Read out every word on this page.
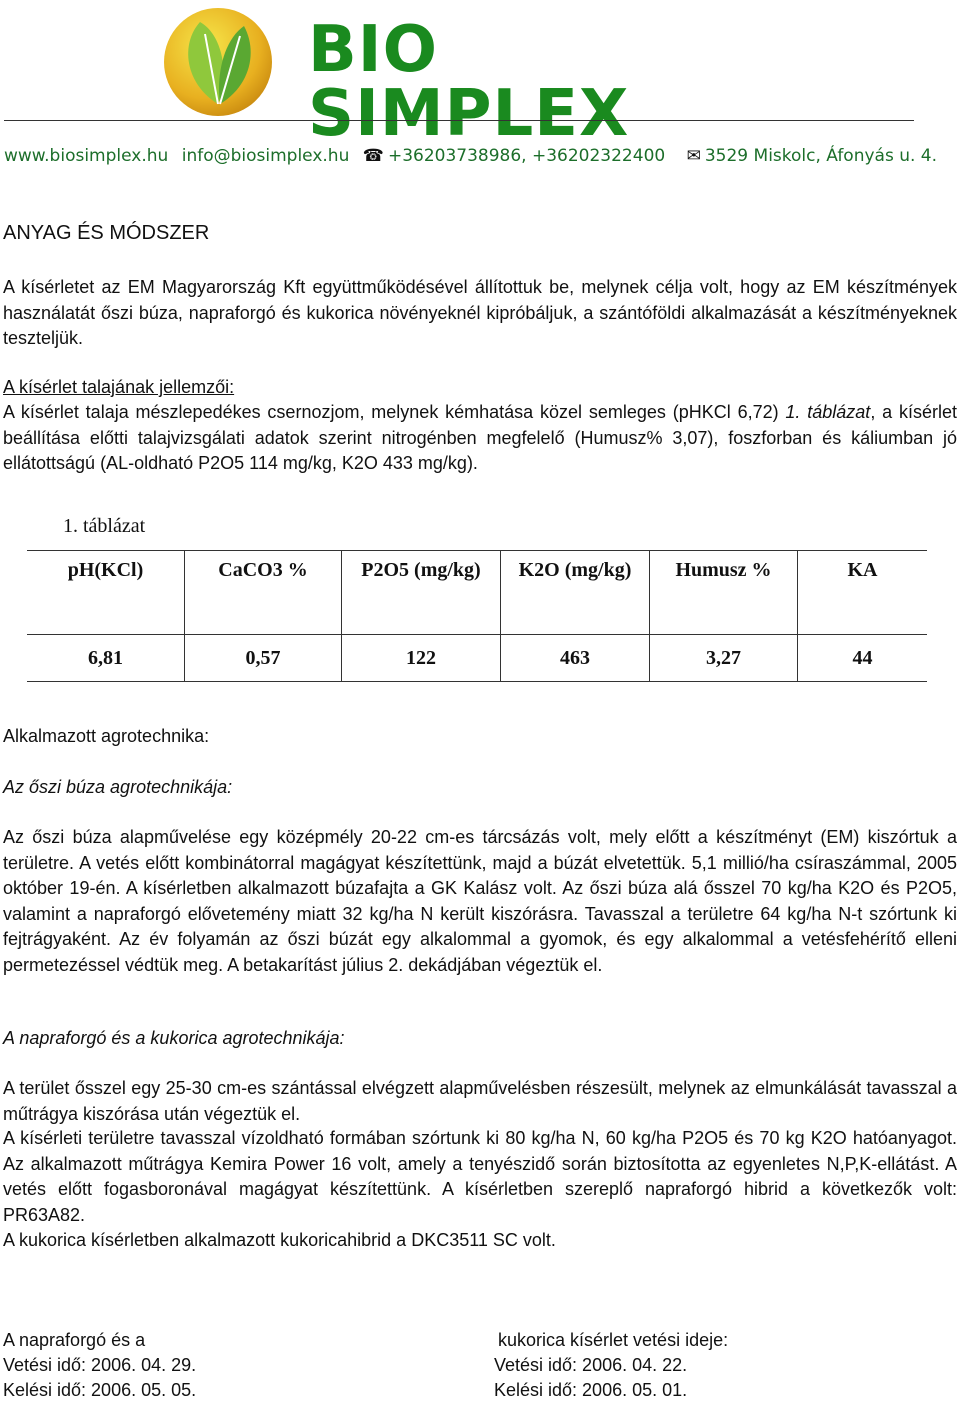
BIO SIMPLEX
www.biosimplex.hu info@biosimplex.hu ☎ +36203738986, +36202322400 ✉ 3529 Miskolc, Áfonyás u. 4.
ANYAG ÉS MÓDSZER
A kísérletet az EM Magyarország Kft együttműködésével állítottuk be, melynek célja volt, hogy az EM készítmények használatát őszi búza, napraforgó és kukorica növényeknél kipróbáljuk, a szántóföldi alkalmazását a készítményeknek teszteljük.
A kísérlet talajának jellemzői:
A kísérlet talaja mészlepedékes csernozjom, melynek kémhatása közel semleges (pHKCl 6,72) 1. táblázat, a kísérlet beállítása előtti talajvizsgálati adatok szerint nitrogénben megfelelő (Humusz% 3,07), foszforban és káliumban jó ellátottságú (AL-oldható P2O5 114 mg/kg, K2O 433 mg/kg).
1. táblázat
pH(KCl)	CaCO3 %	P2O5 (mg/kg)	K2O (mg/kg)	Humusz %	KA
6,81	0,57	122	463	3,27	44
Alkalmazott agrotechnika:
Az őszi búza agrotechnikája:
Az őszi búza alapművelése egy középmély 20-22 cm-es tárcsázás volt, mely előtt a készítményt (EM) kiszórtuk a területre. A vetés előtt kombinátorral magágyat készítettünk, majd a búzát elvetettük. 5,1 millió/ha csíraszámmal, 2005 október 19-én. A kísérletben alkalmazott búzafajta a GK Kalász volt. Az őszi búza alá ősszel 70 kg/ha K2O és P2O5, valamint a napraforgó elővetemény miatt 32 kg/ha N került kiszórásra. Tavasszal a területre 64 kg/ha N-t szórtunk ki fejtrágyaként. Az év folyamán az őszi búzát egy alkalommal a gyomok, és egy alkalommal a vetésfehérítő elleni permetezéssel védtük meg. A betakarítást július 2. dekádjában végeztük el.
A napraforgó és a kukorica agrotechnikája:
A terület ősszel egy 25-30 cm-es szántással elvégzett alapművelésben részesült, melynek az elmunkálását tavasszal a műtrágya kiszórása után végeztük el.
A kísérleti területre tavasszal vízoldható formában szórtunk ki 80 kg/ha N, 60 kg/ha P2O5 és 70 kg K2O hatóanyagot. Az alkalmazott műtrágya Kemira Power 16 volt, amely a tenyészidő során biztosította az egyenletes N,P,K-ellátást. A vetés előtt fogasboronával magágyat készítettünk. A kísérletben szereplő napraforgó hibrid a következők volt: PR63A82.
A kukorica kísérletben alkalmazott kukoricahibrid a DKC3511 SC volt.
A napraforgó és a	kukorica kísérlet vetési ideje:
Vetési idő: 2006. 04. 29.	Vetési idő: 2006. 04. 22.
Kelési idő: 2006. 05. 05.	Kelési idő: 2006. 05. 01.
